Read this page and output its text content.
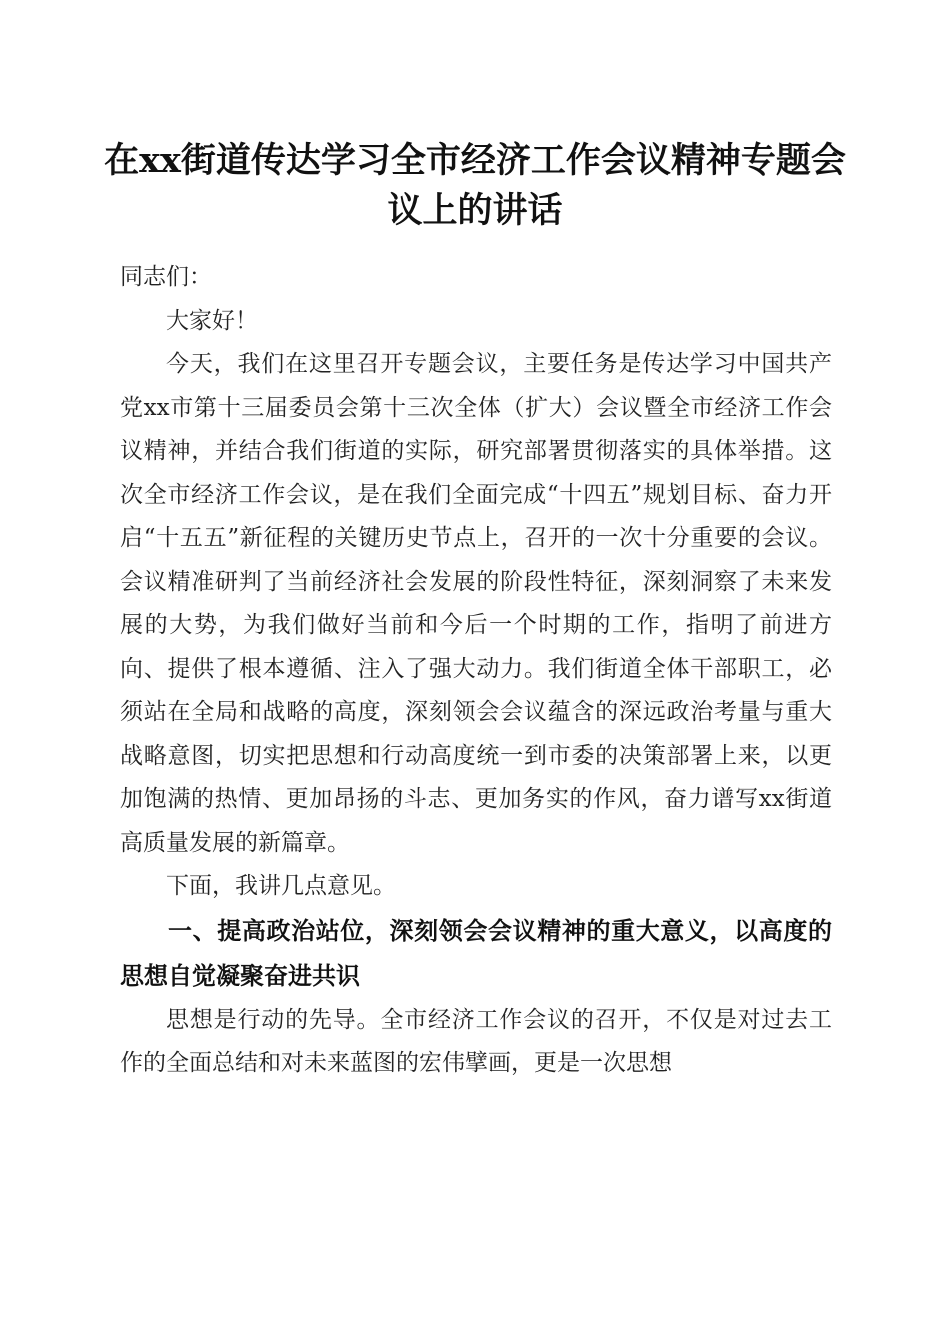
在xx街道传达学习全市经济工作会议精神专题会议上的讲话

同志们：

大家好！

今天，我们在这里召开专题会议，主要任务是传达学习中国共产党xx市第十三届委员会第十三次全体（扩大）会议暨全市经济工作会议精神，并结合我们街道的实际，研究部署贯彻落实的具体举措。这次全市经济工作会议，是在我们全面完成“十四五”规划目标、奋力开启“十五五”新征程的关键历史节点上，召开的一次十分重要的会议。会议精准研判了当前经济社会发展的阶段性特征，深刻洞察了未来发展的大势，为我们做好当前和今后一个时期的工作，指明了前进方向、提供了根本遵循、注入了强大动力。我们街道全体干部职工，必须站在全局和战略的高度，深刻领会会议蕴含的深远政治考量与重大战略意图，切实把思想和行动高度统一到市委的决策部署上来，以更加饱满的热情、更加昂扬的斗志、更加务实的作风，奋力谱写xx街道高质量发展的新篇章。

下面，我讲几点意见。

一、提高政治站位，深刻领会会议精神的重大意义，以高度的思想自觉凝聚奋进共识

思想是行动的先导。全市经济工作会议的召开，不仅是对过去工作的全面总结和对未来蓝图的宏伟擘画，更是一次思想
